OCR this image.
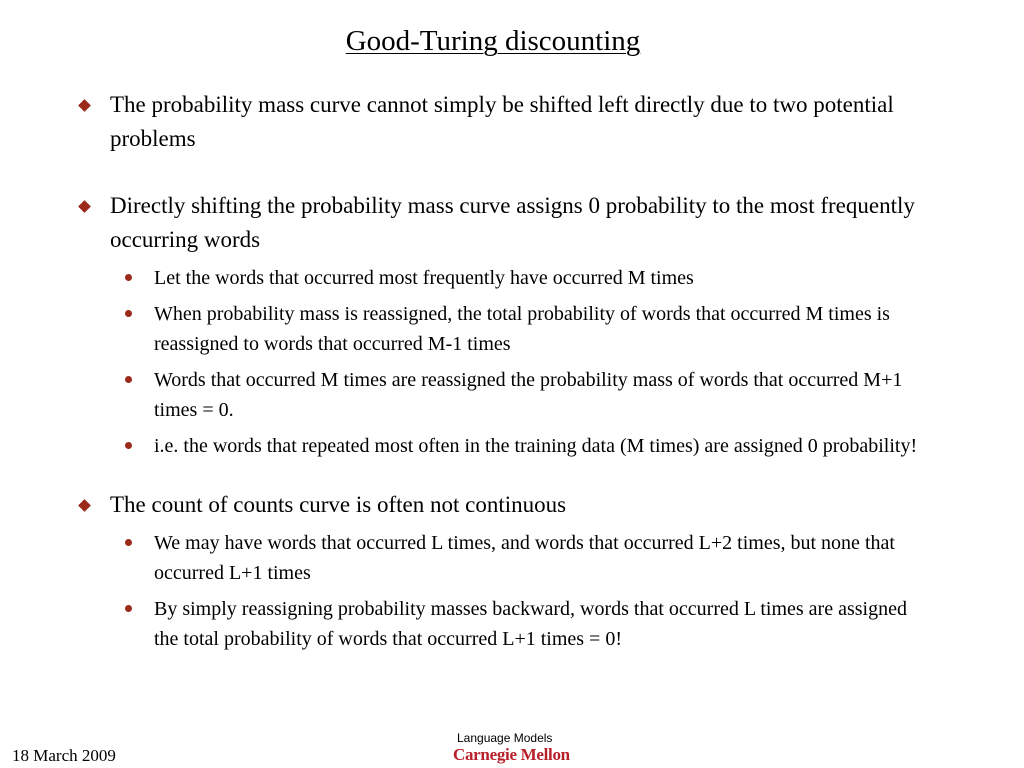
Good-Turing discounting
The probability mass curve cannot simply be shifted left directly due to two potential problems
Directly shifting the probability mass curve assigns 0 probability to the most frequently occurring words
Let the words that occurred most frequently have occurred M times
When probability mass is reassigned, the total probability of words that occurred M times is reassigned to words that occurred M-1 times
Words that occurred M times are reassigned the probability mass of words that occurred M+1 times = 0.
i.e. the words that repeated most often in the training data (M times) are assigned 0 probability!
The count of counts curve is often not continuous
We may have words that occurred L times, and words that occurred L+2 times, but none that occurred L+1 times
By simply reassigning probability masses backward, words that occurred L times are assigned the total probability of words that occurred L+1 times = 0!
18 March 2009
Language Models
Carnegie Mellon
